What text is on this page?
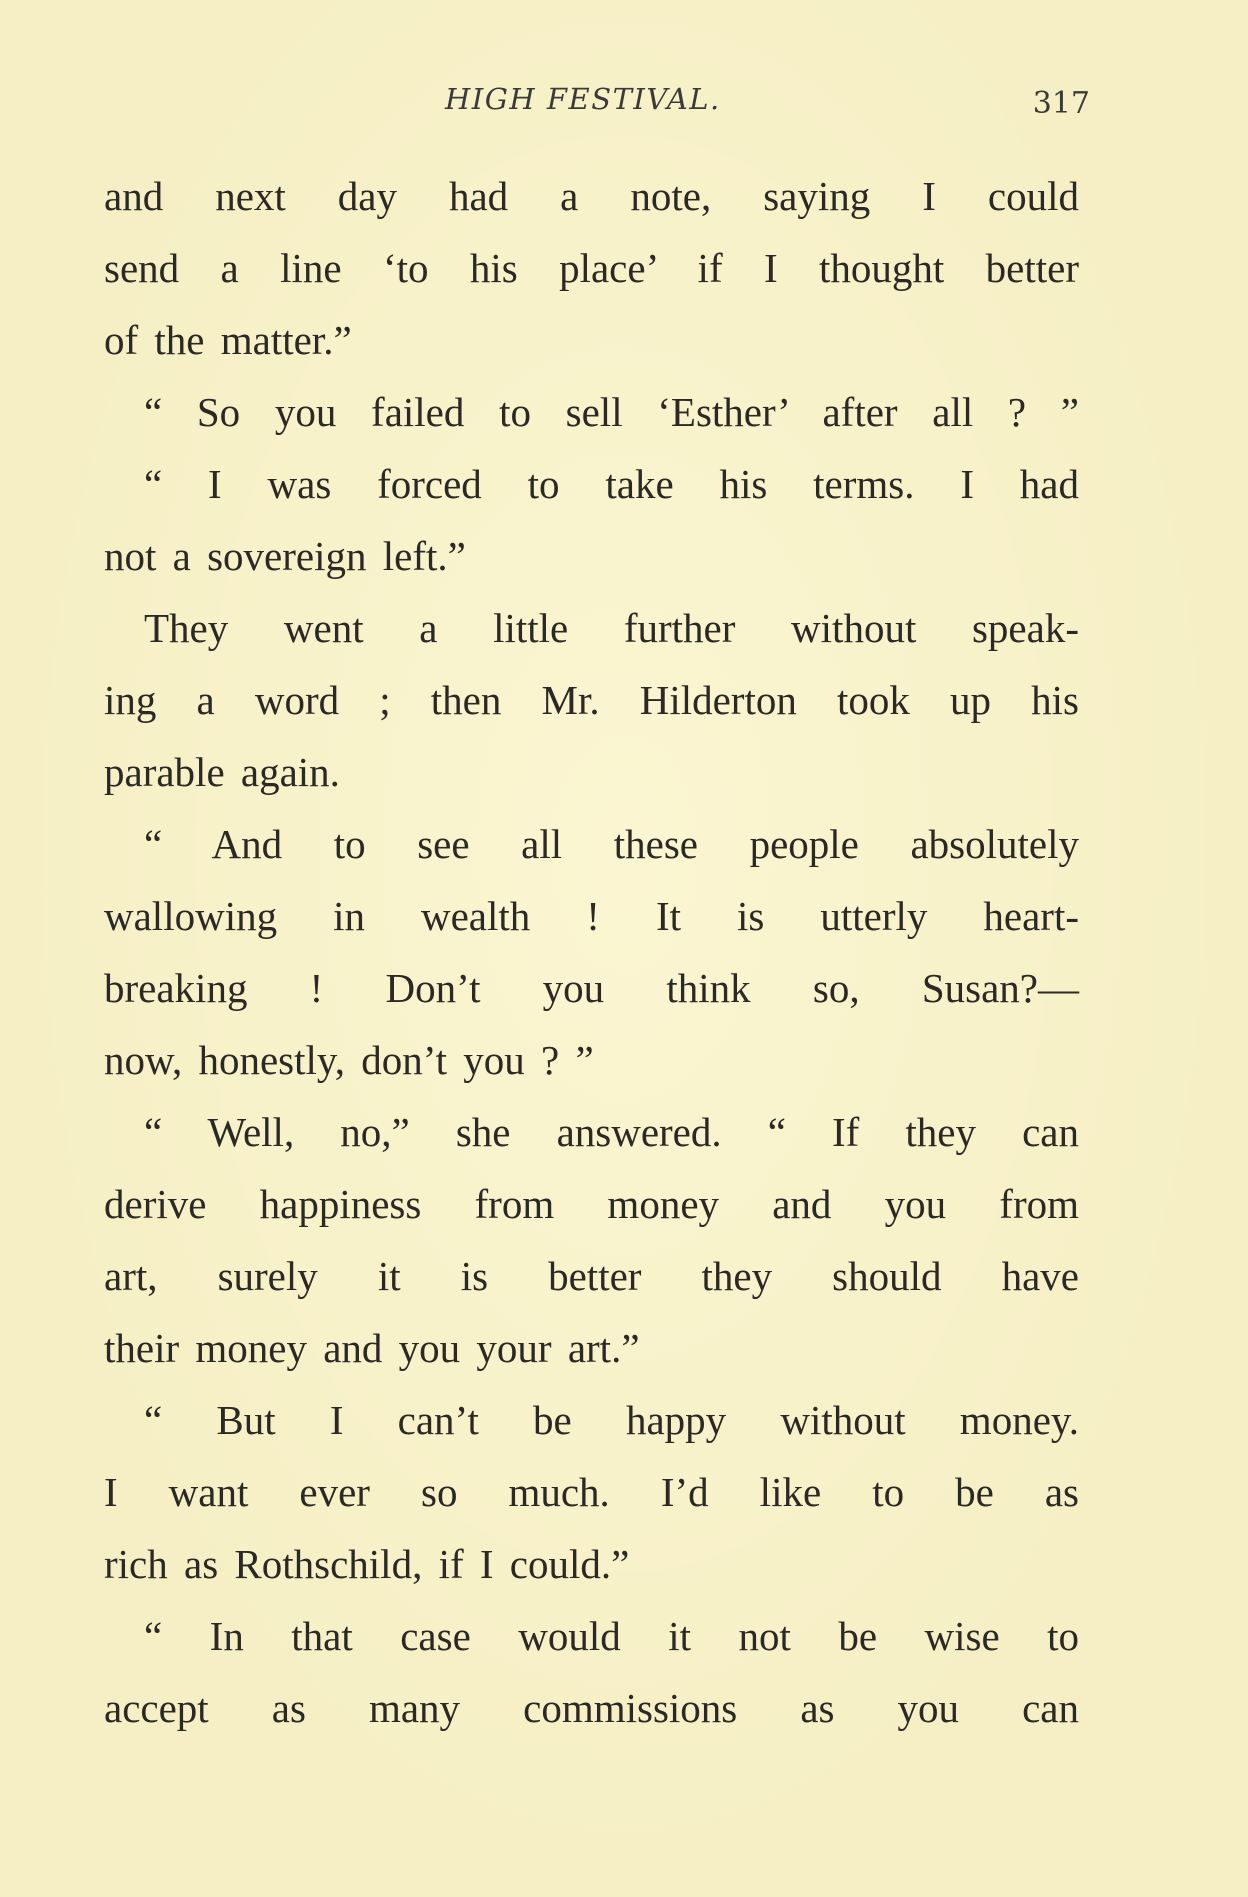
HIGH FESTIVAL.	317
and next day had a note, saying I could
send a line ‘to his place’ if I thought better
of the matter.”
“ So you failed to sell ‘Esther’ after all ? ”
“ I was forced to take his terms. I had
not a sovereign left.”
They went a little further without speak-
ing a word ; then Mr. Hilderton took up his
parable again.
“ And to see all these people absolutely
wallowing in wealth ! It is utterly heart-
breaking ! Don’t you think so, Susan?—
now, honestly, don’t you ? ”
“ Well, no,” she answered. “ If they can
derive happiness from money and you from
art, surely it is better they should have
their money and you your art.”
“ But I can’t be happy without money.
I want ever so much. I’d like to be as
rich as Rothschild, if I could.”
“ In that case would it not be wise to
accept as many commissions as you can
